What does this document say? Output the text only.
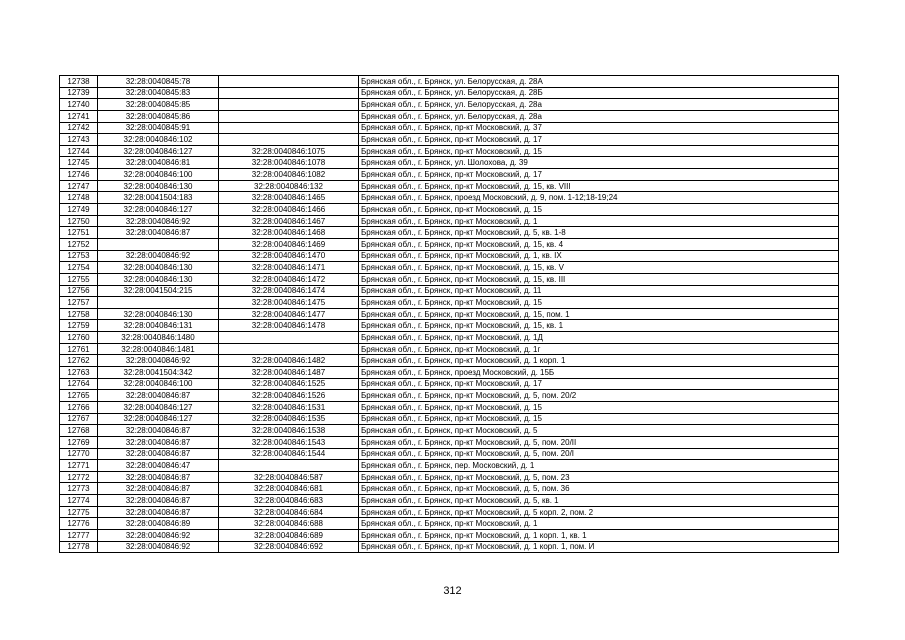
12738	32:28:0040845:78		Брянская обл., г. Брянск, ул. Белорусская, д. 28А
12739	32:28:0040845:83		Брянская обл., г. Брянск, ул. Белорусская, д. 28Б
12740	32:28:0040845:85		Брянская обл., г. Брянск, ул. Белорусская, д. 28а
12741	32:28:0040845:86		Брянская обл., г. Брянск, ул. Белорусская, д. 28а
12742	32:28:0040845:91		Брянская обл., г. Брянск, пр-кт Московский, д. 37
12743	32:28:0040846:102		Брянская обл., г. Брянск, пр-кт Московский, д. 17
12744	32:28:0040846:127	32:28:0040846:1075	Брянская обл., г. Брянск, пр-кт Московский, д. 15
12745	32:28:0040846:81	32:28:0040846:1078	Брянская обл., г. Брянск, ул. Шолохова, д. 39
12746	32:28:0040846:100	32:28:0040846:1082	Брянская обл., г. Брянск, пр-кт Московский, д. 17
12747	32:28:0040846:130	32:28:0040846:132	Брянская обл., г. Брянск, пр-кт Московский, д. 15, кв. VIII
12748	32:28:0041504:183	32:28:0040846:1465	Брянская обл., г. Брянск, проезд Московский, д. 9, пом. 1-12;18-19;24
12749	32:28:0040846:127	32:28:0040846:1466	Брянская обл., г. Брянск, пр-кт Московский, д. 15
12750	32:28:0040846:92	32:28:0040846:1467	Брянская обл., г. Брянск, пр-кт Московский, д. 1
12751	32:28:0040846:87	32:28:0040846:1468	Брянская обл., г. Брянск, пр-кт Московский, д. 5, кв. 1-8
12752		32:28:0040846:1469	Брянская обл., г. Брянск, пр-кт Московский, д. 15, кв. 4
12753	32:28:0040846:92	32:28:0040846:1470	Брянская обл., г. Брянск, пр-кт Московский, д. 1, кв. IX
12754	32:28:0040846:130	32:28:0040846:1471	Брянская обл., г. Брянск, пр-кт Московский, д. 15, кв. V
12755	32:28:0040846:130	32:28:0040846:1472	Брянская обл., г. Брянск, пр-кт Московский, д. 15, кв. III
12756	32:28:0041504:215	32:28:0040846:1474	Брянская обл., г. Брянск, пр-кт Московский, д. 11
12757		32:28:0040846:1475	Брянская обл., г. Брянск, пр-кт Московский, д. 15
12758	32:28:0040846:130	32:28:0040846:1477	Брянская обл., г. Брянск, пр-кт Московский, д. 15, пом. 1
12759	32:28:0040846:131	32:28:0040846:1478	Брянская обл., г. Брянск, пр-кт Московский, д. 15, кв. 1
12760	32:28:0040846:1480		Брянская обл., г. Брянск, пр-кт Московский, д. 1Д
12761	32:28:0040846:1481		Брянская обл., г. Брянск, пр-кт Московский, д. 1г
12762	32:28:0040846:92	32:28:0040846:1482	Брянская обл., г. Брянск, пр-кт Московский, д. 1 корп. 1
12763	32:28:0041504:342	32:28:0040846:1487	Брянская обл., г. Брянск, проезд Московский, д. 15Б
12764	32:28:0040846:100	32:28:0040846:1525	Брянская обл., г. Брянск, пр-кт Московский, д. 17
12765	32:28:0040846:87	32:28:0040846:1526	Брянская обл., г. Брянск, пр-кт Московский, д. 5, пом. 20/2
12766	32:28:0040846:127	32:28:0040846:1531	Брянская обл., г. Брянск, пр-кт Московский, д. 15
12767	32:28:0040846:127	32:28:0040846:1535	Брянская обл., г. Брянск, пр-кт Московский, д. 15
12768	32:28:0040846:87	32:28:0040846:1538	Брянская обл., г. Брянск, пр-кт Московский, д. 5
12769	32:28:0040846:87	32:28:0040846:1543	Брянская обл., г. Брянск, пр-кт Московский, д. 5, пом. 20/II
12770	32:28:0040846:87	32:28:0040846:1544	Брянская обл., г. Брянск, пр-кт Московский, д. 5, пом. 20/I
12771	32:28:0040846:47		Брянская обл., г. Брянск, пер. Московский, д. 1
12772	32:28:0040846:87	32:28:0040846:587	Брянская обл., г. Брянск, пр-кт Московский, д. 5, пом. 23
12773	32:28:0040846:87	32:28:0040846:681	Брянская обл., г. Брянск, пр-кт Московский, д. 5, пом. 36
12774	32:28:0040846:87	32:28:0040846:683	Брянская обл., г. Брянск, пр-кт Московский, д. 5, кв. 1
12775	32:28:0040846:87	32:28:0040846:684	Брянская обл., г. Брянск, пр-кт Московский, д. 5 корп. 2, пом. 2
12776	32:28:0040846:89	32:28:0040846:688	Брянская обл., г. Брянск, пр-кт Московский, д. 1
12777	32:28:0040846:92	32:28:0040846:689	Брянская обл., г. Брянск, пр-кт Московский, д. 1 корп. 1, кв. 1
12778	32:28:0040846:92	32:28:0040846:692	Брянская обл., г. Брянск, пр-кт Московский, д. 1 корп. 1, пом. И
312
